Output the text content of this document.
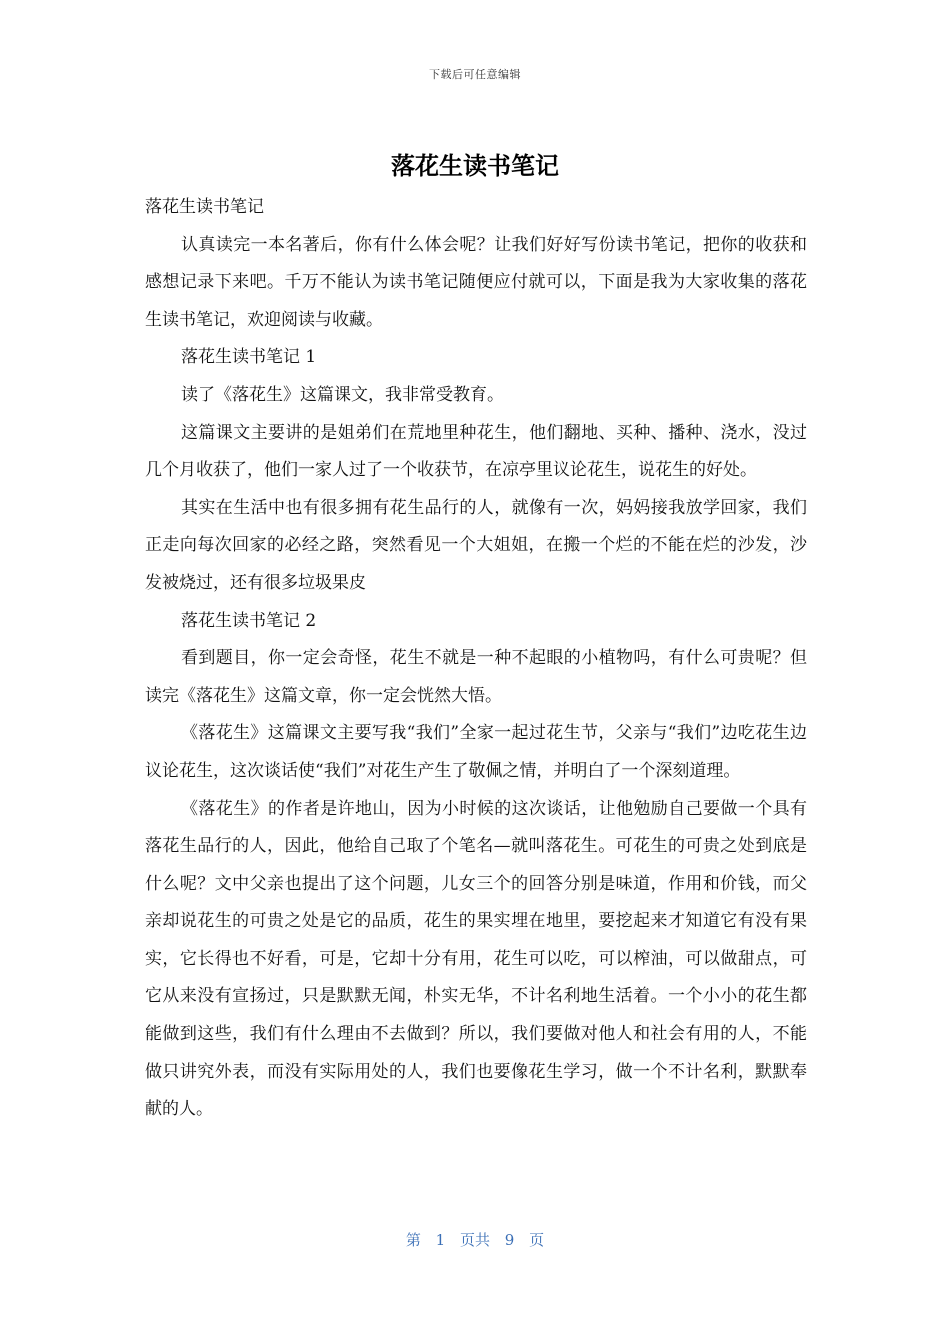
下载后可任意编辑
落花生读书笔记

落花生读书笔记

认真读完一本名著后，你有什么体会呢？让我们好好写份读书笔记，把你的收获和感想记录下来吧。千万不能认为读书笔记随便应付就可以，下面是我为大家收集的落花生读书笔记，欢迎阅读与收藏。

落花生读书笔记 1

读了《落花生》这篇课文，我非常受教育。

这篇课文主要讲的是姐弟们在荒地里种花生，他们翻地、买种、播种、浇水，没过几个月收获了，他们一家人过了一个收获节，在凉亭里议论花生，说花生的好处。

其实在生活中也有很多拥有花生品行的人，就像有一次，妈妈接我放学回家，我们正走向每次回家的必经之路，突然看见一个大姐姐，在搬一个烂的不能在烂的沙发，沙发被烧过，还有很多垃圾果皮

落花生读书笔记 2

看到题目，你一定会奇怪，花生不就是一种不起眼的小植物吗，有什么可贵呢？但读完《落花生》这篇文章，你一定会恍然大悟。

《落花生》这篇课文主要写我“我们”全家一起过花生节，父亲与“我们”边吃花生边议论花生，这次谈话使“我们”对花生产生了敬佩之情，并明白了一个深刻道理。

《落花生》的作者是许地山，因为小时候的这次谈话，让他勉励自己要做一个具有落花生品行的人，因此，他给自己取了个笔名—就叫落花生。可花生的可贵之处到底是什么呢？文中父亲也提出了这个问题，儿女三个的回答分别是味道，作用和价钱，而父亲却说花生的可贵之处是它的品质，花生的果实埋在地里，要挖起来才知道它有没有果实，它长得也不好看，可是，它却十分有用，花生可以吃，可以榨油，可以做甜点，可它从来没有宣扬过，只是默默无闻，朴实无华，不计名利地生活着。一个小小的花生都能做到这些，我们有什么理由不去做到？所以，我们要做对他人和社会有用的人，不能做只讲究外表，而没有实际用处的人，我们也要像花生学习，做一个不计名利，默默奉献的人。

第 1 页共 9 页
